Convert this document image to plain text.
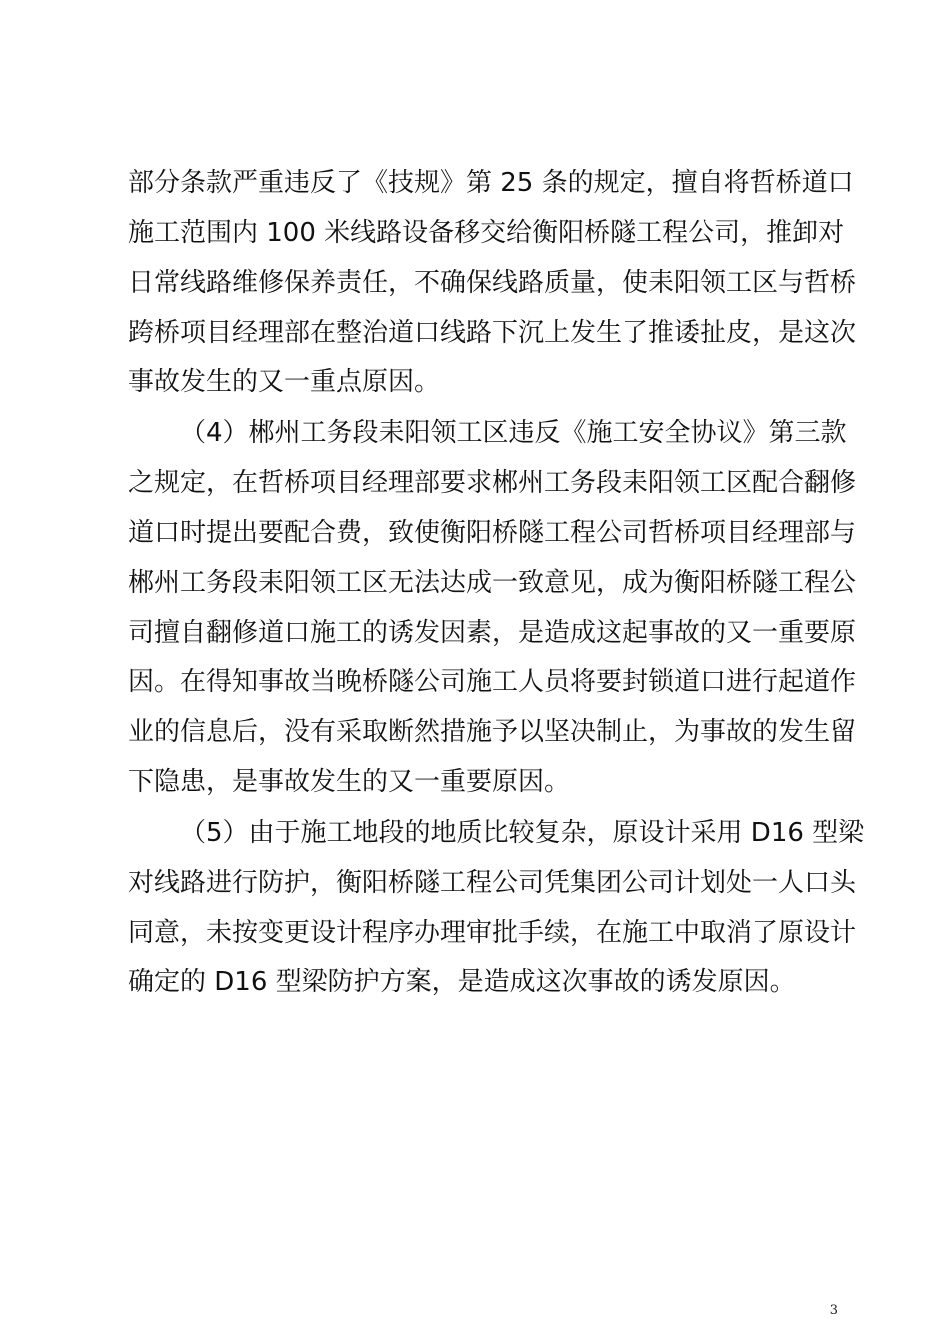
部分条款严重违反了《技规》第 25 条的规定，擅自将哲桥道口
施工范围内 100 米线路设备移交给衡阳桥隧工程公司，推卸对
日常线路维修保养责任，不确保线路质量，使耒阳领工区与哲桥
跨桥项目经理部在整治道口线路下沉上发生了推诿扯皮，是这次
事故发生的又一重点原因。
（4）郴州工务段耒阳领工区违反《施工安全协议》第三款
之规定，在哲桥项目经理部要求郴州工务段耒阳领工区配合翻修
道口时提出要配合费，致使衡阳桥隧工程公司哲桥项目经理部与
郴州工务段耒阳领工区无法达成一致意见，成为衡阳桥隧工程公
司擅自翻修道口施工的诱发因素，是造成这起事故的又一重要原
因。在得知事故当晚桥隧公司施工人员将要封锁道口进行起道作
业的信息后，没有采取断然措施予以坚决制止，为事故的发生留
下隐患，是事故发生的又一重要原因。
（5）由于施工地段的地质比较复杂，原设计采用 D16 型梁
对线路进行防护，衡阳桥隧工程公司凭集团公司计划处一人口头
同意，未按变更设计程序办理审批手续，在施工中取消了原设计
确定的 D16 型梁防护方案，是造成这次事故的诱发原因。
3
